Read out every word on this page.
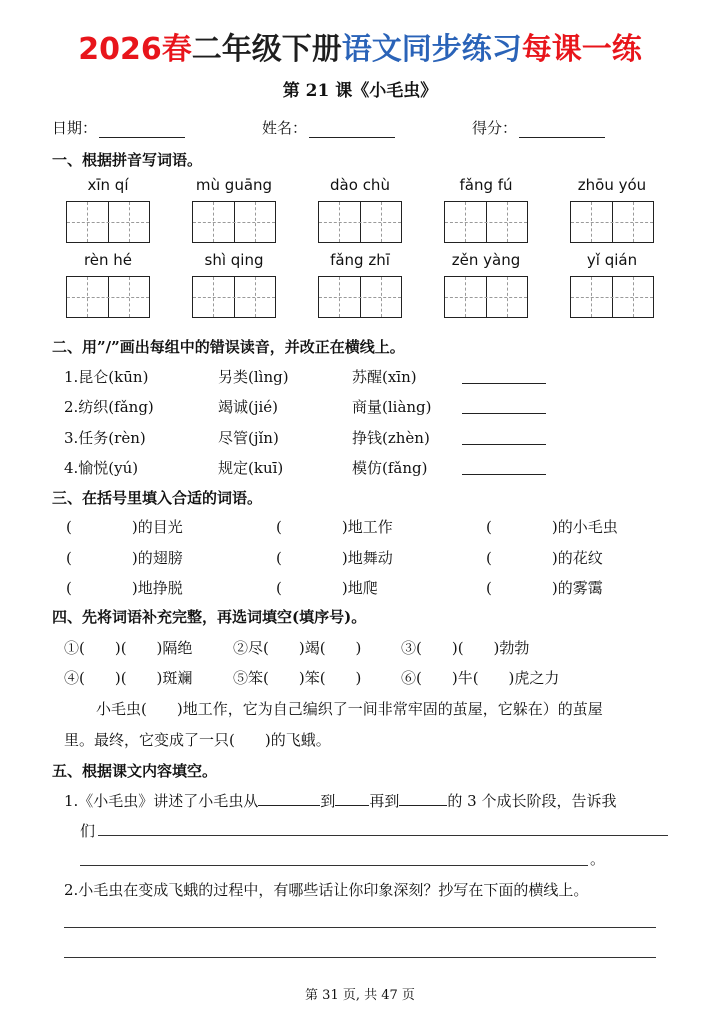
2026春二年级下册语文同步练习每课一练
第 21 课《小毛虫》
日期：	姓名：	得分：
一、根据拼音写词语。
xīn qí	mù guāng	dào chù	fǎng fú	zhōu yóu
rèn hé	shì qing	fǎng zhī	zěn yàng	yǐ qián
二、用”/”画出每组中的错误读音，并改正在横线上。
1.昆仑(kūn)	另类(lìng)	苏醒(xīn)
2.纺织(fǎng)	竭诚(jié)	商量(liàng)
3.任务(rèn)	尽管(jǐn)	挣钱(zhèn)
4.愉悦(yú)	规定(kuī)	模仿(fǎng)
三、在括号里填入合适的词语。
(　　　　)的目光	(　　　　)地工作	(　　　　)的小毛虫
(　　　　)的翅膀	(　　　　)地舞动	(　　　　)的花纹
(　　　　)地挣脱	(　　　　)地爬	(　　　　)的雾霭
四、先将词语补充完整，再选词填空(填序号)。
①(　　)(　　)隔绝	②尽(　　)竭(　　)	③(　　)(　　)勃勃
④(　　)(　　)斑斓	⑤笨(　　)笨(　　)	⑥(　　)牛(　　)虎之力
小毛虫(　　)地工作，它为自己编织了一间非常牢固的茧屋，它躲在）的茧屋
里。最终，它变成了一只(　　)的飞蛾。
五、根据课文内容填空。
1.《小毛虫》讲述了小毛虫从	到 再到	的 3 个成长阶段，告诉我
们
。
2.小毛虫在变成飞蛾的过程中，有哪些话让你印象深刻？抄写在下面的横线上。
第 31 页, 共 47 页
